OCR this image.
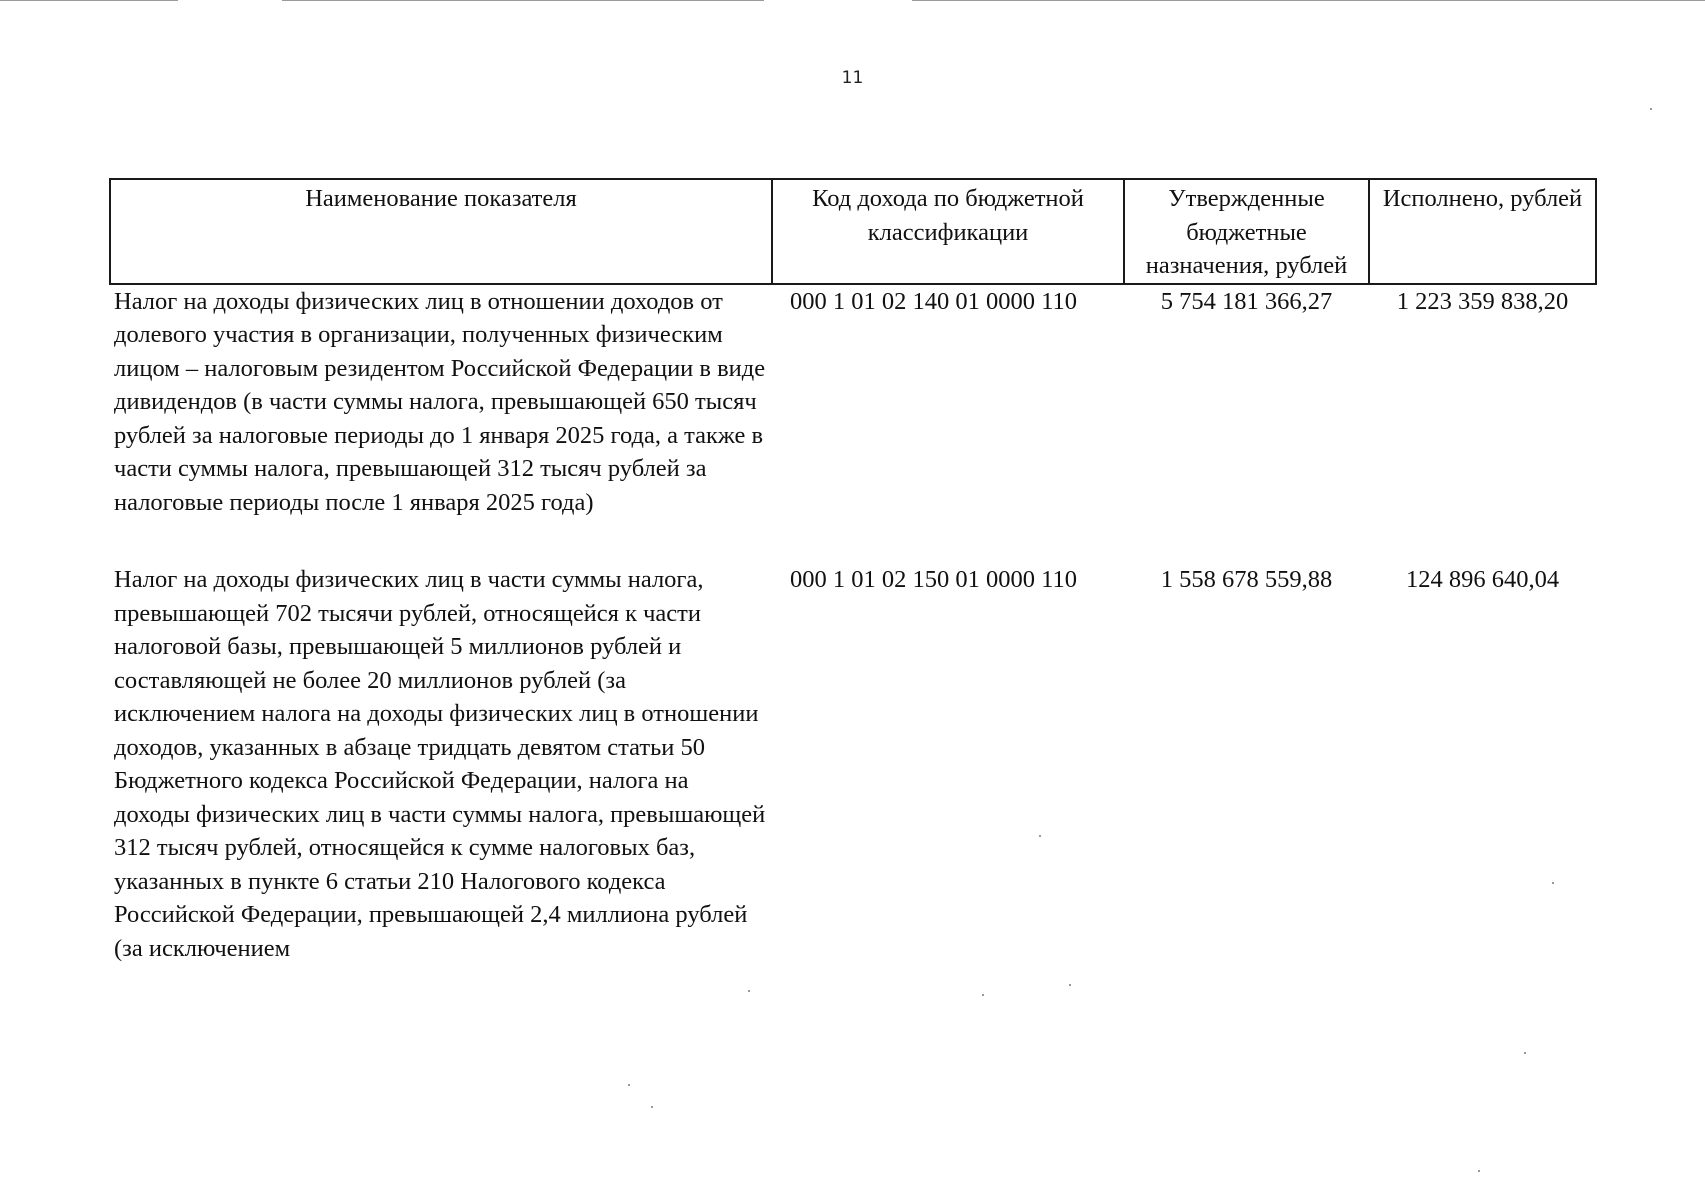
11
Наименование показателя	Код дохода по бюджетной классификации	Утвержденные бюджетные назначения, рублей	Исполнено, рублей
Налог на доходы физических лиц в отношении доходов от долевого участия в организации, полученных физическим лицом – налоговым резидентом Российской Федерации в виде дивидендов (в части суммы налога, превышающей 650 тысяч рублей за налоговые периоды до 1 января 2025 года, а также в части суммы налога, превышающей 312 тысяч рублей за налоговые периоды после 1 января 2025 года)	000 1 01 02 140 01 0000 110	5 754 181 366,27	1 223 359 838,20
Налог на доходы физических лиц в части суммы налога, превышающей 702 тысячи рублей, относящейся к части налоговой базы, превышающей 5 миллионов рублей и составляющей не более 20 миллионов рублей (за исключением налога на доходы физических лиц в отношении доходов, указанных в абзаце тридцать девятом статьи 50 Бюджетного кодекса Российской Федерации, налога на доходы физических лиц в части суммы налога, превышающей 312 тысяч рублей, относящейся к сумме налоговых баз, указанных в пункте 6 статьи 210 Налогового кодекса Российской Федерации, превышающей 2,4 миллиона рублей (за исключением	000 1 01 02 150 01 0000 110	1 558 678 559,88	124 896 640,04
